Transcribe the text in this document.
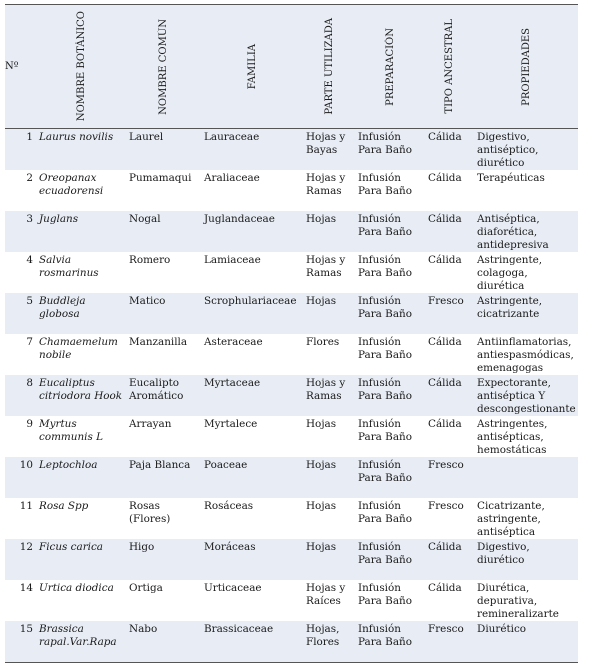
Nº	NOMBRE BOTÁNICO	NOMBRE COMÚN	FAMILIA	PARTE UTILIZADA	PREPARACIÓN	TIPO ANCESTRAL	PROPIEDADES

1	Laurus novilis	Laurel	Lauraceae	Hojas y Bayas	Infusión Para Baño	Cálida	Digestivo, antiséptico, diurético
2	Oreopanax ecuadorensi	Pumamaqui	Araliaceae	Hojas y Ramas	Infusión Para Baño	Cálida	Terapéuticas
3	Juglans	Nogal	Juglandaceae	Hojas	Infusión Para Baño	Cálida	Antiséptica, diaforética, antidepresiva
4	Salvia rosmarinus	Romero	Lamiaceae	Hojas y Ramas	Infusión Para Baño	Cálida	Astringente, colagoga, diurética
5	Buddleja globosa	Matico	Scrophulariaceae	Hojas	Infusión Para Baño	Fresco	Astringente, cicatrizante
7	Chamaemelum nobile	Manzanilla	Asteraceae	Flores	Infusión Para Baño	Cálida	Antiinflamatorias, antiespasmódicas, emenagogas
8	Eucaliptus citriodora Hook	Eucalipto Aromático	Myrtaceae	Hojas y Ramas	Infusión Para Baño	Cálida	Expectorante, antiséptica Y descongestionante
9	Myrtus communis L	Arrayan	Myrtalece	Hojas	Infusión Para Baño	Cálida	Astringentes, antisépticas, hemostáticas
10	Leptochloa	Paja Blanca	Poaceae	Hojas	Infusión Para Baño	Fresco	
11	Rosa Spp	Rosas (Flores)	Rosáceas	Hojas	Infusión Para Baño	Fresco	Cicatrizante, astringente, antiséptica
12	Ficus carica	Higo	Moráceas	Hojas	Infusión Para Baño	Cálida	Digestivo, diurético
14	Urtica diodica	Ortiga	Urticaceae	Hojas y Raíces	Infusión Para Baño	Cálida	Diurética, depurativa, remineralizarte
15	Brassica rapal.Var.Rapa	Nabo	Brassicaceae	Hojas, Flores	Infusión Para Baño	Fresco	Diurético
